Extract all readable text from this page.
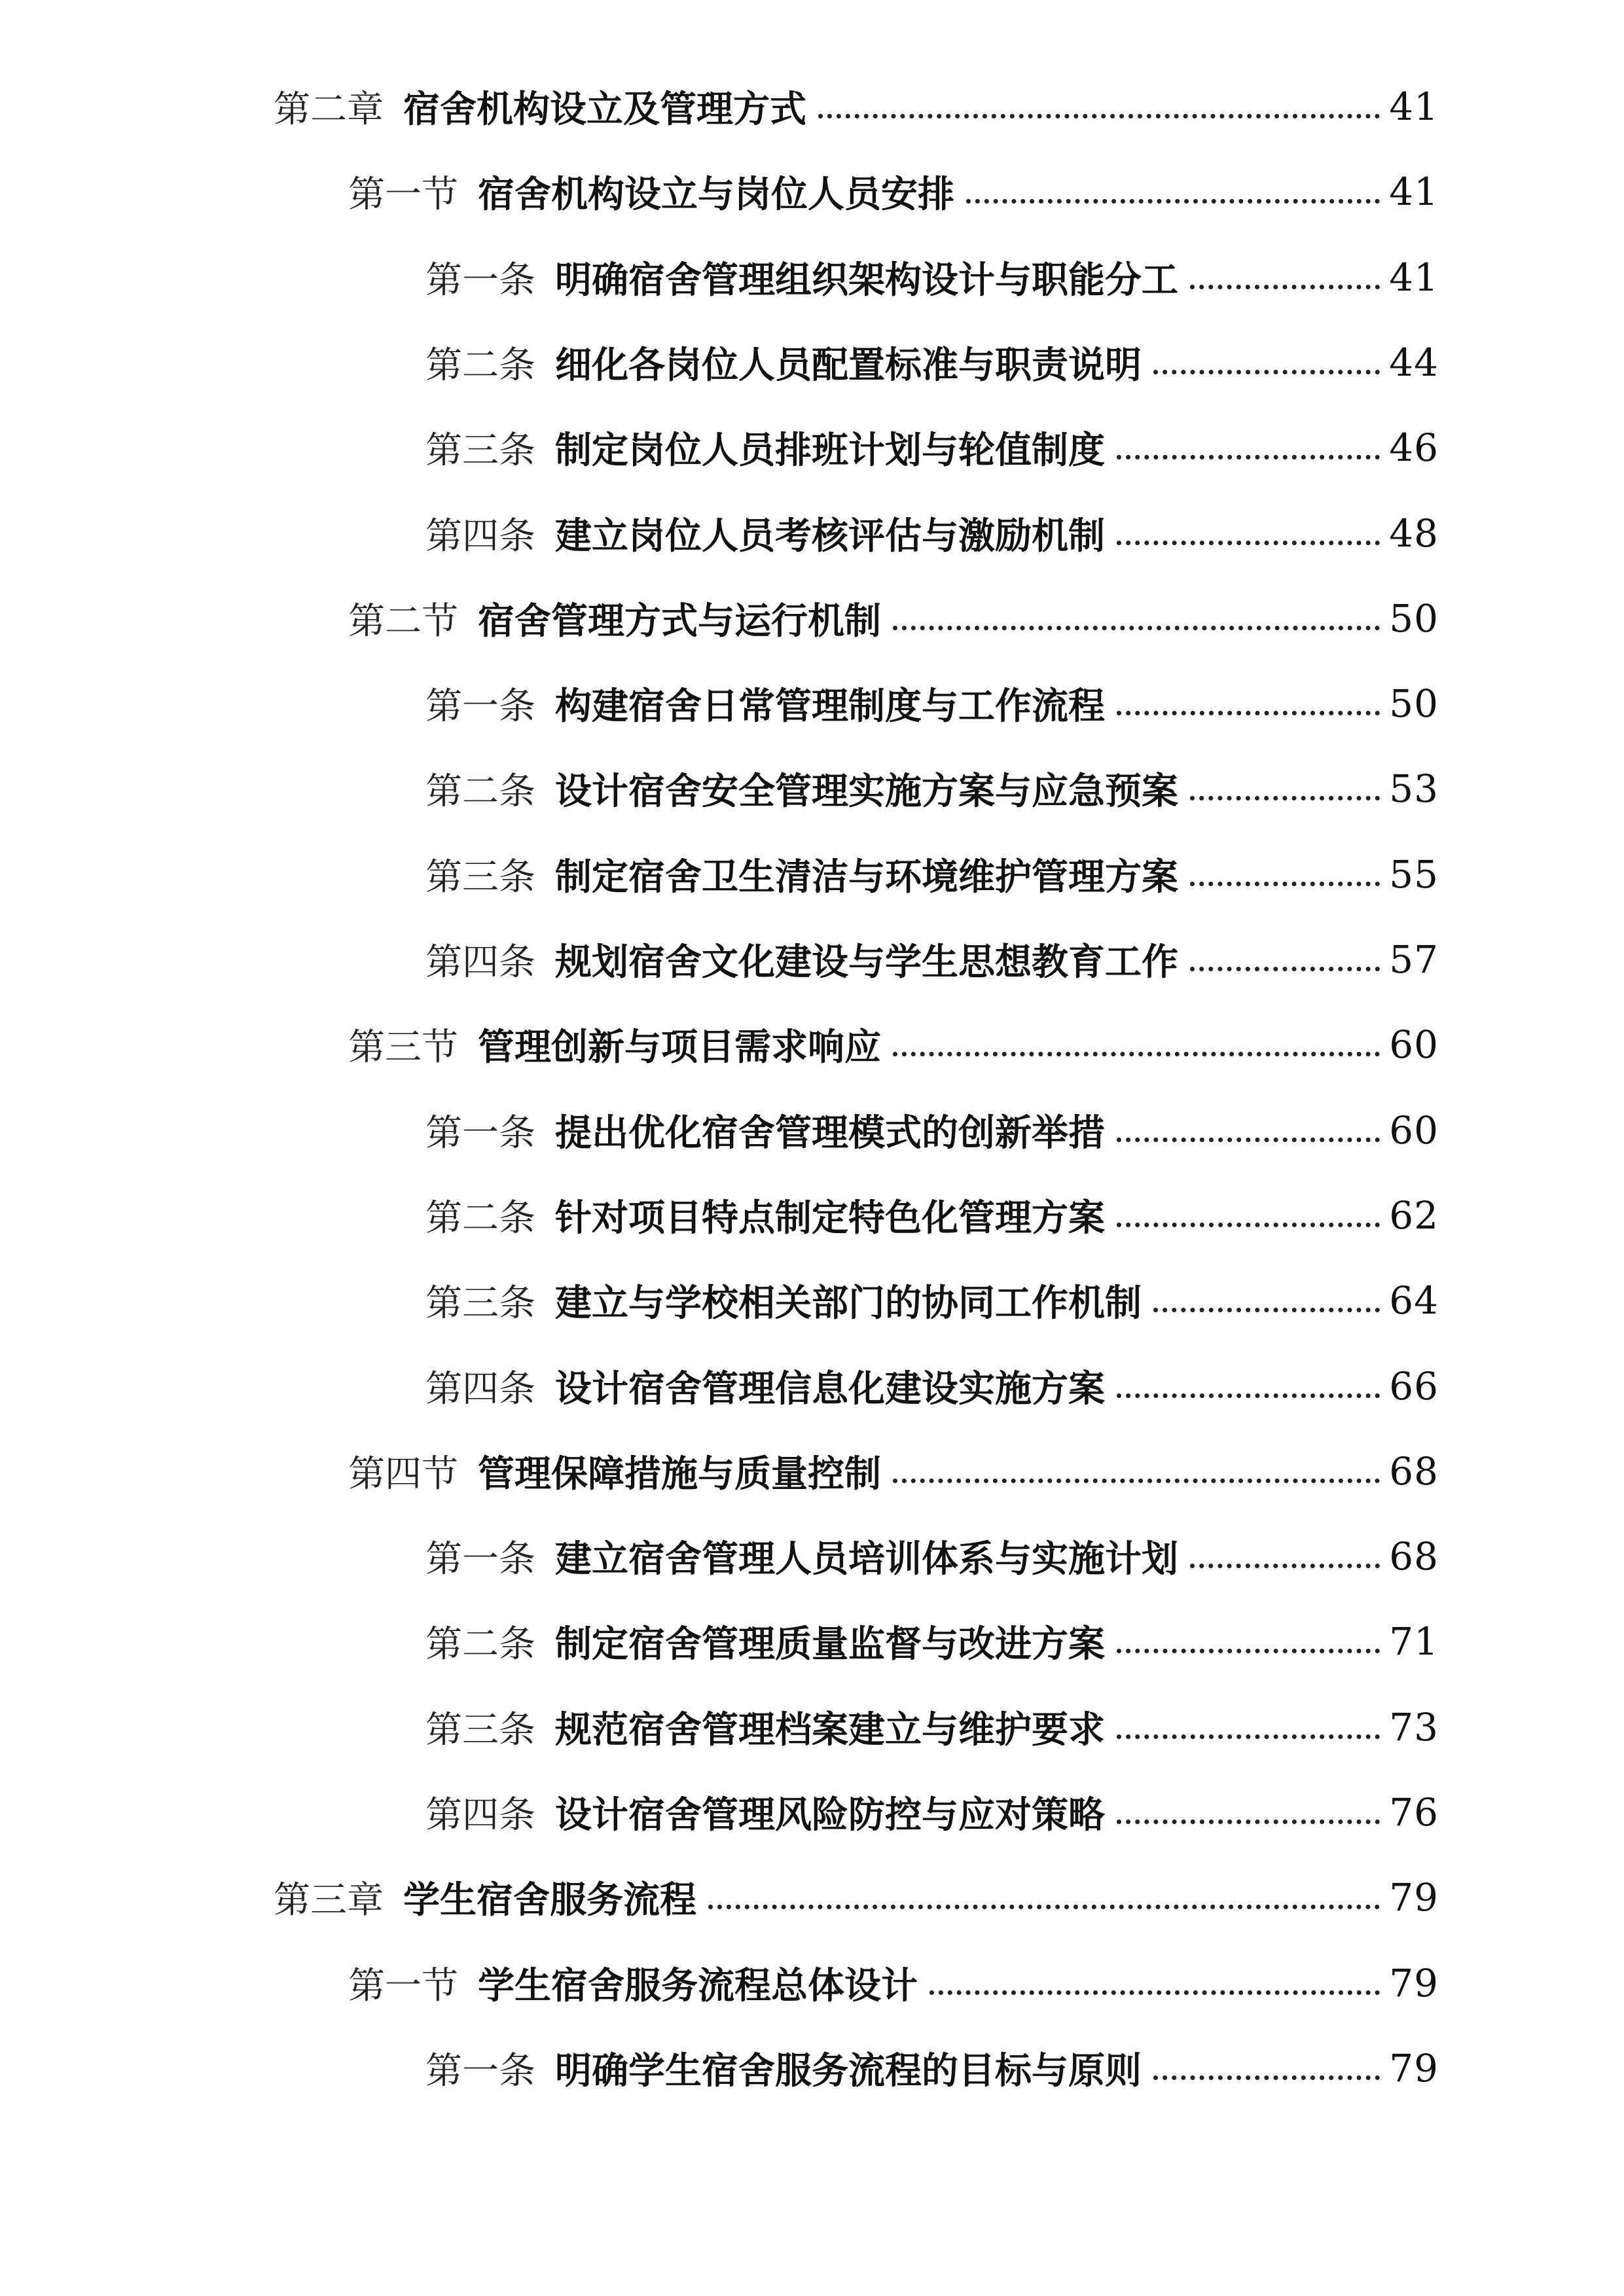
第二章 宿舍机构设立及管理方式	41
第一节 宿舍机构设立与岗位人员安排	41
第一条 明确宿舍管理组织架构设计与职能分工	41
第二条 细化各岗位人员配置标准与职责说明	44
第三条 制定岗位人员排班计划与轮值制度	46
第四条 建立岗位人员考核评估与激励机制	48
第二节 宿舍管理方式与运行机制	50
第一条 构建宿舍日常管理制度与工作流程	50
第二条 设计宿舍安全管理实施方案与应急预案	53
第三条 制定宿舍卫生清洁与环境维护管理方案	55
第四条 规划宿舍文化建设与学生思想教育工作	57
第三节 管理创新与项目需求响应	60
第一条 提出优化宿舍管理模式的创新举措	60
第二条 针对项目特点制定特色化管理方案	62
第三条 建立与学校相关部门的协同工作机制	64
第四条 设计宿舍管理信息化建设实施方案	66
第四节 管理保障措施与质量控制	68
第一条 建立宿舍管理人员培训体系与实施计划	68
第二条 制定宿舍管理质量监督与改进方案	71
第三条 规范宿舍管理档案建立与维护要求	73
第四条 设计宿舍管理风险防控与应对策略	76
第三章 学生宿舍服务流程	79
第一节 学生宿舍服务流程总体设计	79
第一条 明确学生宿舍服务流程的目标与原则	79
